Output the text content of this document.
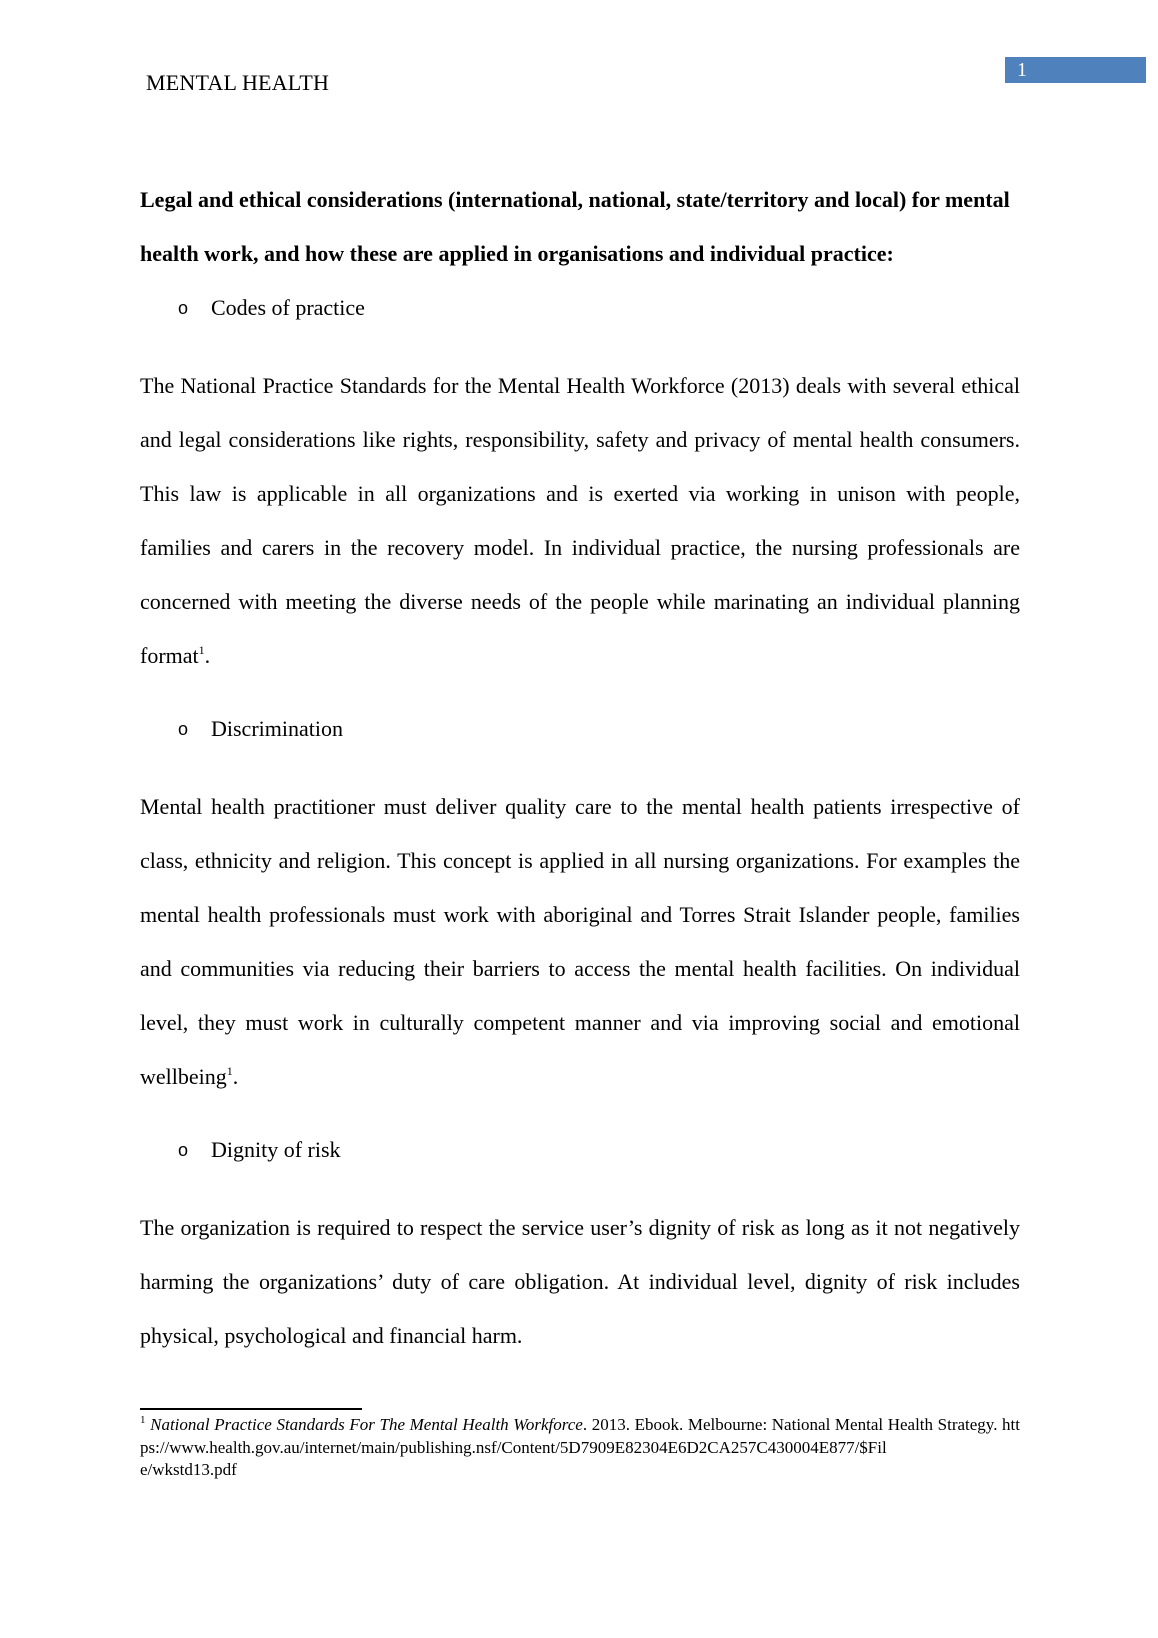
MENTAL HEALTH	1

Legal and ethical considerations (international, national, state/territory and local) for mental health work, and how these are applied in organisations and individual practice:

o Codes of practice

The National Practice Standards for the Mental Health Workforce (2013) deals with several ethical and legal considerations like rights, responsibility, safety and privacy of mental health consumers. This law is applicable in all organizations and is exerted via working in unison with people, families and carers in the recovery model. In individual practice, the nursing professionals are concerned with meeting the diverse needs of the people while marinating an individual planning format$^1$.

o Discrimination

Mental health practitioner must deliver quality care to the mental health patients irrespective of class, ethnicity and religion. This concept is applied in all nursing organizations. For examples the mental health professionals must work with aboriginal and Torres Strait Islander people, families and communities via reducing their barriers to access the mental health facilities. On individual level, they must work in culturally competent manner and via improving social and emotional wellbeing$^1$.

o Dignity of risk

The organization is required to respect the service user’s dignity of risk as long as it not negatively harming the organizations’ duty of care obligation. At individual level, dignity of risk includes physical, psychological and financial harm.

$^1$ National Practice Standards For The Mental Health Workforce. 2013. Ebook. Melbourne: National Mental Health Strategy. https://www.health.gov.au/internet/main/publishing.nsf/Content/5D7909E82304E6D2CA257C430004E877/$Fil
e/wkstd13.pdf
